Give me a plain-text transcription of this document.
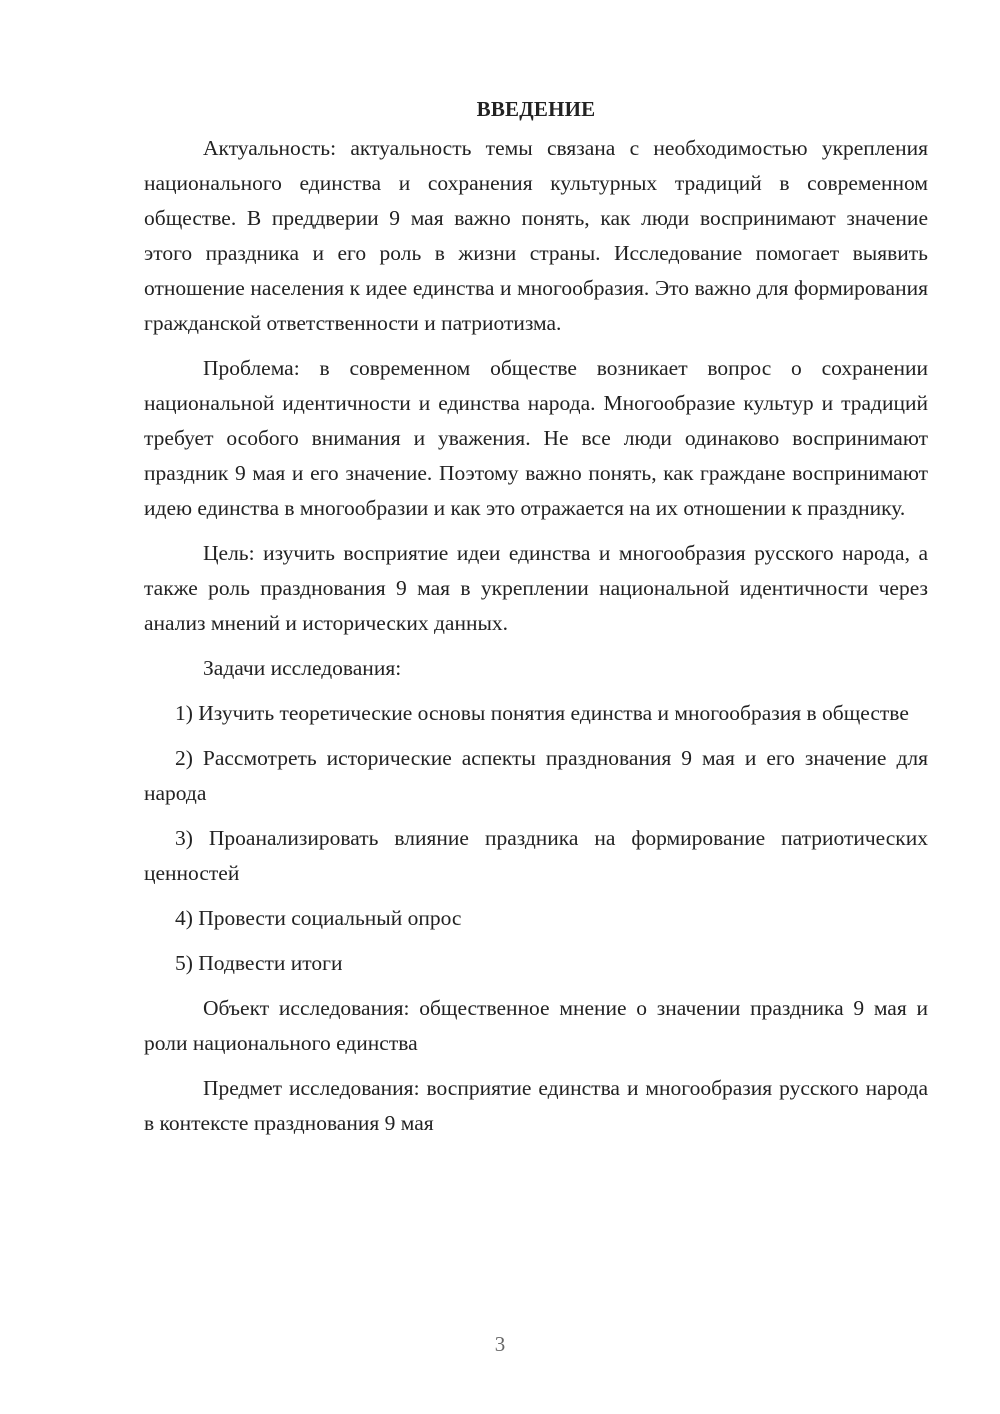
ВВЕДЕНИЕ

Актуальность: актуальность темы связана с необходимостью укрепления национального единства и сохранения культурных традиций в современном обществе. В преддверии 9 мая важно понять, как люди воспринимают значение этого праздника и его роль в жизни страны. Исследование помогает выявить отношение населения к идее единства и многообразия. Это важно для формирования гражданской ответственности и патриотизма.

Проблема: в современном обществе возникает вопрос о сохранении национальной идентичности и единства народа. Многообразие культур и традиций требует особого внимания и уважения. Не все люди одинаково воспринимают праздник 9 мая и его значение. Поэтому важно понять, как граждане воспринимают идею единства в многообразии и как это отражается на их отношении к празднику.

Цель: изучить восприятие идеи единства и многообразия русского народа, а также роль празднования 9 мая в укреплении национальной идентичности через анализ мнений и исторических данных.

Задачи исследования:

1) Изучить теоретические основы понятия единства и многообразия в обществе

2) Рассмотреть исторические аспекты празднования 9 мая и его значение для народа

3) Проанализировать влияние праздника на формирование патриотических ценностей

4) Провести социальный опрос

5) Подвести итоги

Объект исследования: общественное мнение о значении праздника 9 мая и роли национального единства

Предмет исследования: восприятие единства и многообразия русского народа в контексте празднования 9 мая

3
